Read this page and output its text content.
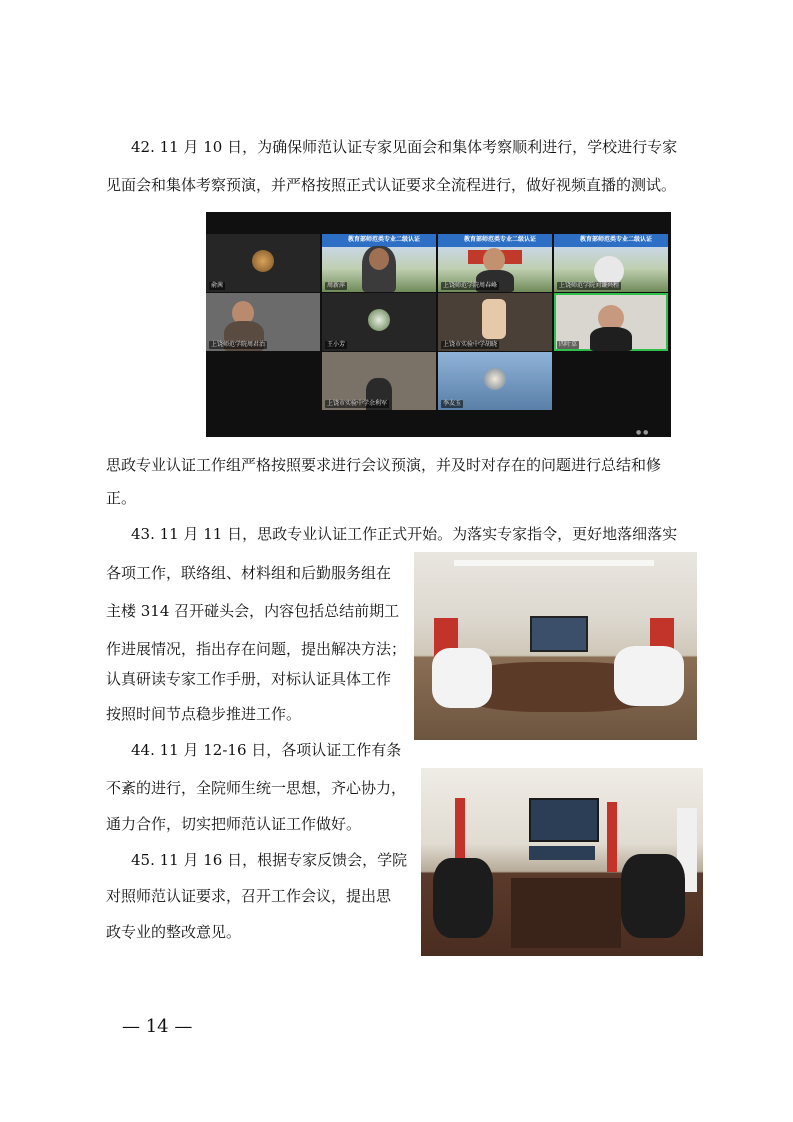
42. 11 月 10 日，为确保师范认证专家见面会和集体考察顺利进行，学校进行专家

见面会和集体考察预演，并严格按照正式认证要求全流程进行，做好视频直播的测试。

俞茜
教育部师范类专业二级认证
周新萍
教育部师范类专业二级认证
上饶师范学院周春峰
教育部师范类专业二级认证
上饶师范学院刘谦兴程
上饶师范学院周君治	王小芳	上饶市实验中学胡晓	四叶草
上饶市实验中学余利军	李友玉
● ●

思政专业认证工作组严格按照要求进行会议预演，并及时对存在的问题进行总结和修

正。

43. 11 月 11 日，思政专业认证工作正式开始。为落实专家指令，更好地落细落实

各项工作，联络组、材料组和后勤服务组在

主楼 314 召开碰头会，内容包括总结前期工

作进展情况，指出存在问题，提出解决方法；

认真研读专家工作手册，对标认证具体工作

按照时间节点稳步推进工作。

44. 11 月 12-16 日，各项认证工作有条

不紊的进行，全院师生统一思想，齐心协力，

通力合作，切实把师范认证工作做好。

45. 11 月 16 日，根据专家反馈会，学院

对照师范认证要求，召开工作会议，提出思

政专业的整改意见。

— 14 —
